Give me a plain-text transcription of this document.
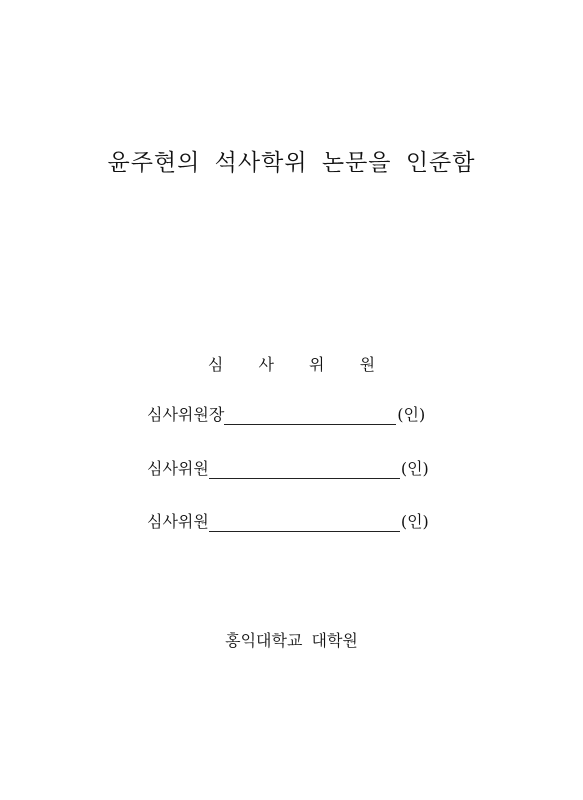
윤주현의 석사학위 논문을 인준함
심 사 위 원
심사위원장	(인)
심사위원	(인)
심사위원	(인)
홍익대학교 대학원
